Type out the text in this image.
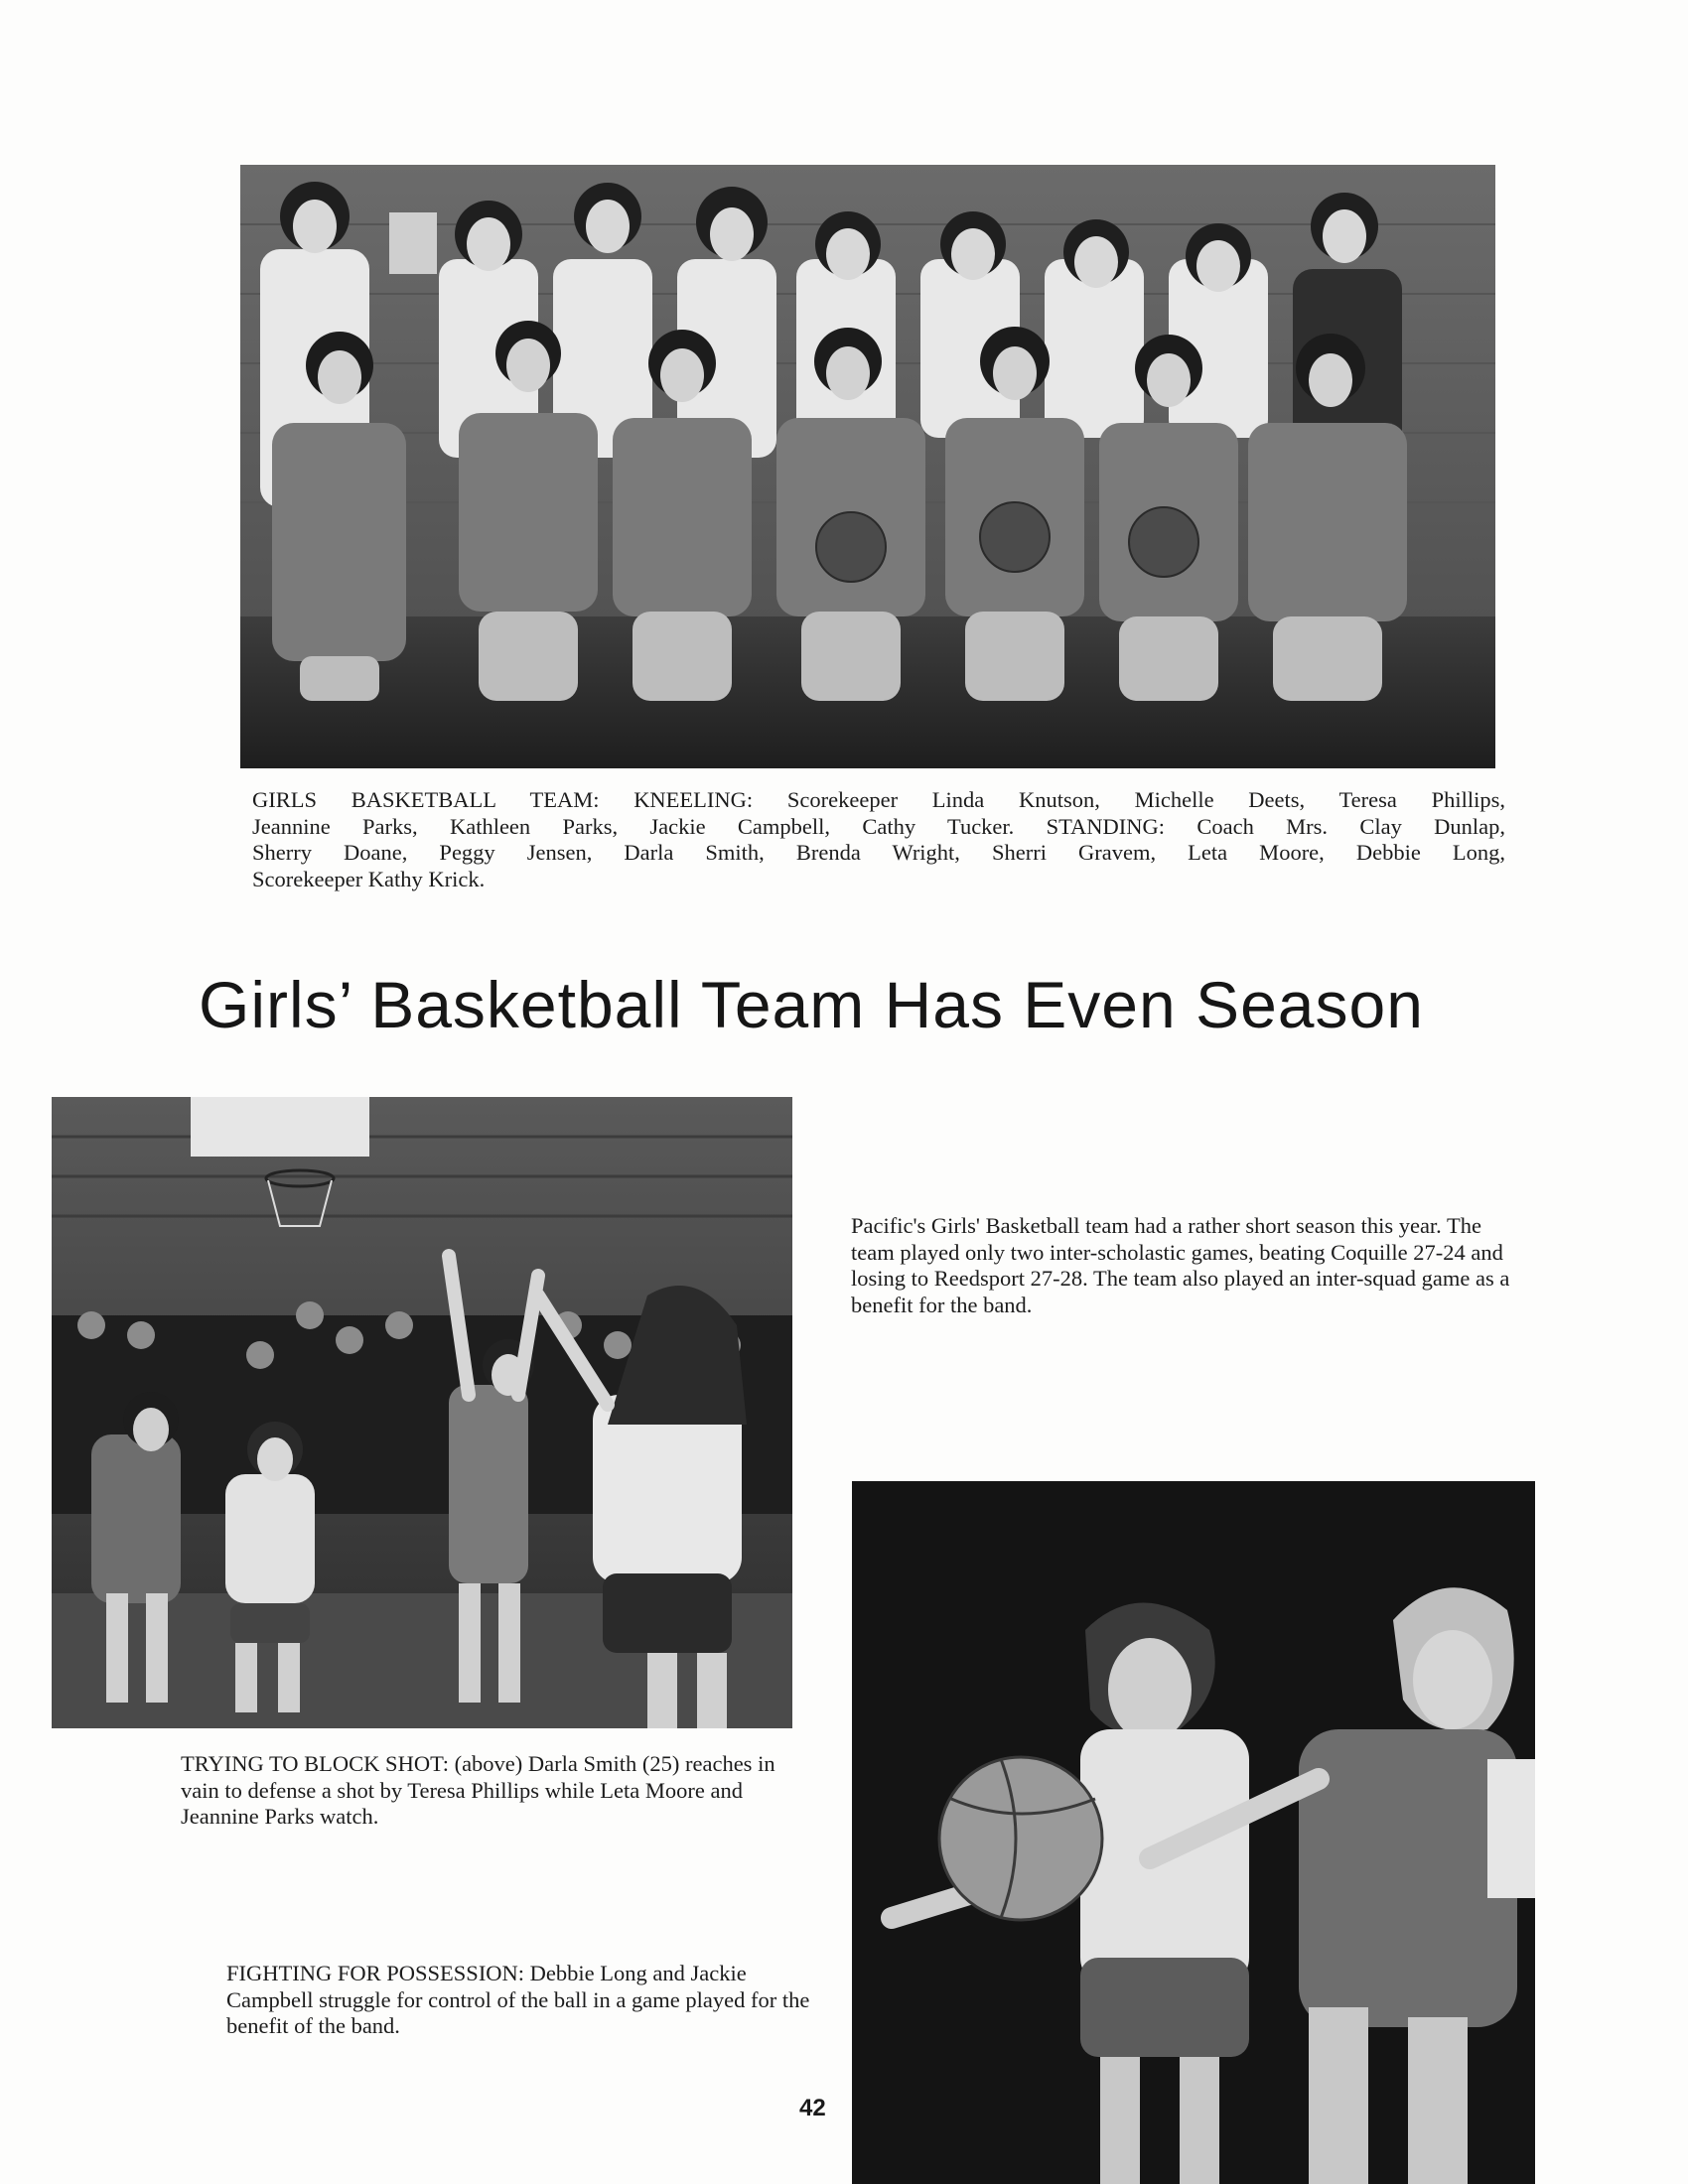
GIRLS BASKETBALL TEAM: KNEELING: Scorekeeper Linda Knutson, Michelle Deets, Teresa Phillips,
Jeannine Parks, Kathleen Parks, Jackie Campbell, Cathy Tucker. STANDING: Coach Mrs. Clay Dunlap,
Sherry Doane, Peggy Jensen, Darla Smith, Brenda Wright, Sherri Gravem, Leta Moore, Debbie Long,
Scorekeeper Kathy Krick.

Girls’ Basketball Team Has Even Season

Pacific's Girls' Basketball team had a rather short season this year. The team played only two inter-scholastic games, beating Coquille 27-24 and losing to Reedsport 27-28. The team also played an inter-squad game as a benefit for the band.

TRYING TO BLOCK SHOT: (above) Darla Smith (25) reaches in vain to defense a shot by Teresa Phillips while Leta Moore and Jeannine Parks watch.

FIGHTING FOR POSSESSION: Debbie Long and Jackie Campbell struggle for control of the ball in a game played for the benefit of the band.

42
